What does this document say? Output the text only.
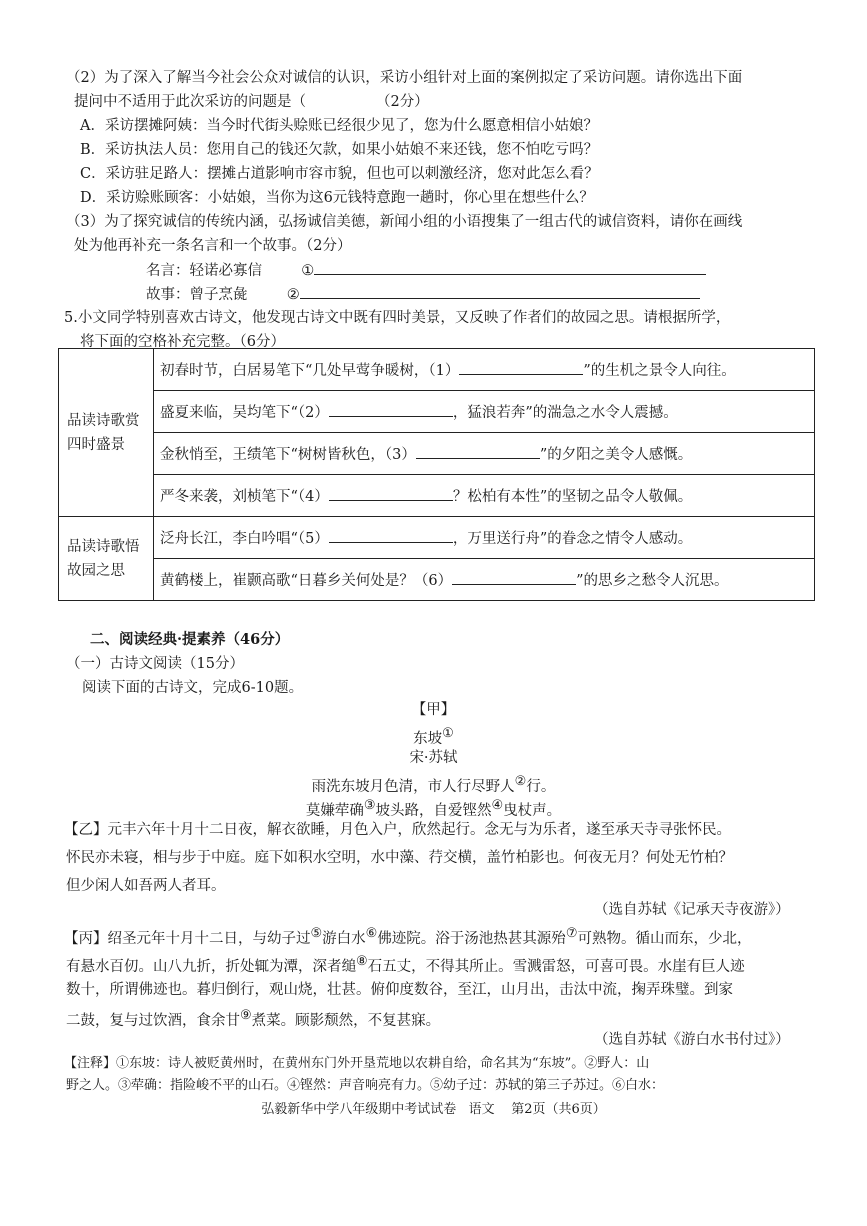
（2）为了深入了解当今社会公众对诚信的认识，采访小组针对上面的案例拟定了采访问题。请你选出下面
提问中不适用于此次采访的问题是（	（2分）
A．采访摆摊阿姨：当今时代街头赊账已经很少见了，您为什么愿意相信小姑娘？
B．采访执法人员：您用自己的钱还欠款，如果小姑娘不来还钱，您不怕吃亏吗？
C．采访驻足路人：摆摊占道影响市容市貌，但也可以刺激经济，您对此怎么看？
D．采访赊账顾客：小姑娘，当你为这6元钱特意跑一趟时，你心里在想些什么？
（3）为了探究诚信的传统内涵，弘扬诚信美德，新闻小组的小语搜集了一组古代的诚信资料，请你在画线
处为他再补充一条名言和一个故事。（2分）
名言：轻诺必寡信	①
故事：曾子烹彘	②
5.小文同学特别喜欢古诗文，他发现古诗文中既有四时美景，又反映了作者们的故园之思。请根据所学，
将下面的空格补充完整。（6分）
品读诗歌赏四时盛景	初春时节，白居易笔下“几处早莺争暖树，（1） ”的生机之景令人向往。
	盛夏来临，吴均笔下“（2） ，猛浪若奔”的湍急之水令人震撼。
	金秋悄至，王绩笔下“树树皆秋色，（3） ”的夕阳之美令人感慨。
	严冬来袭，刘桢笔下“（4） ？松柏有本性”的坚韧之品令人敬佩。
品读诗歌悟故园之思	泛舟长江，李白吟唱“（5） ，万里送行舟”的眷念之情令人感动。
	黄鹤楼上，崔颢高歌“日暮乡关何处是？（6） ”的思乡之愁令人沉思。
二、阅读经典·提素养（46分）
（一）古诗文阅读（15分）
阅读下面的古诗文，完成6-10题。
【甲】
东坡①
宋·苏轼
雨洗东坡月色清，市人行尽野人②行。
莫嫌荦确③坡头路，自爱铿然④曳杖声。
【乙】元丰六年十月十二日夜，解衣欲睡，月色入户，欣然起行。念无与为乐者，遂至承天寺寻张怀民。
怀民亦未寝，相与步于中庭。庭下如积水空明，水中藻、荇交横，盖竹柏影也。何夜无月？何处无竹柏？
但少闲人如吾两人者耳。
（选自苏轼《记承天寺夜游》）
【丙】绍圣元年十月十二日，与幼子过⑤游白水⑥佛迹院。浴于汤池热甚其源殆⑦可熟物。循山而东，少北，
有悬水百仞。山八九折，折处辄为潭，深者缒⑧石五丈，不得其所止。雪溅雷怒，可喜可畏。水崖有巨人迹
数十，所谓佛迹也。暮归倒行，观山烧，壮甚。俯仰度数谷，至江，山月出，击汰中流，掬弄珠璧。到家
二鼓，复与过饮酒，食余甘⑨煮菜。顾影颓然，不复甚寐。
（选自苏轼《游白水书付过》）
【注释】①东坡：诗人被贬黄州时，在黄州东门外开垦荒地以农耕自给，命名其为“东坡”。②野人：山
野之人。③荦确：指险峻不平的山石。④铿然：声音响亮有力。⑤幼子过：苏轼的第三子苏过。⑥白水：
弘毅新华中学八年级期中考试试卷   语文    第2页（共6页）
